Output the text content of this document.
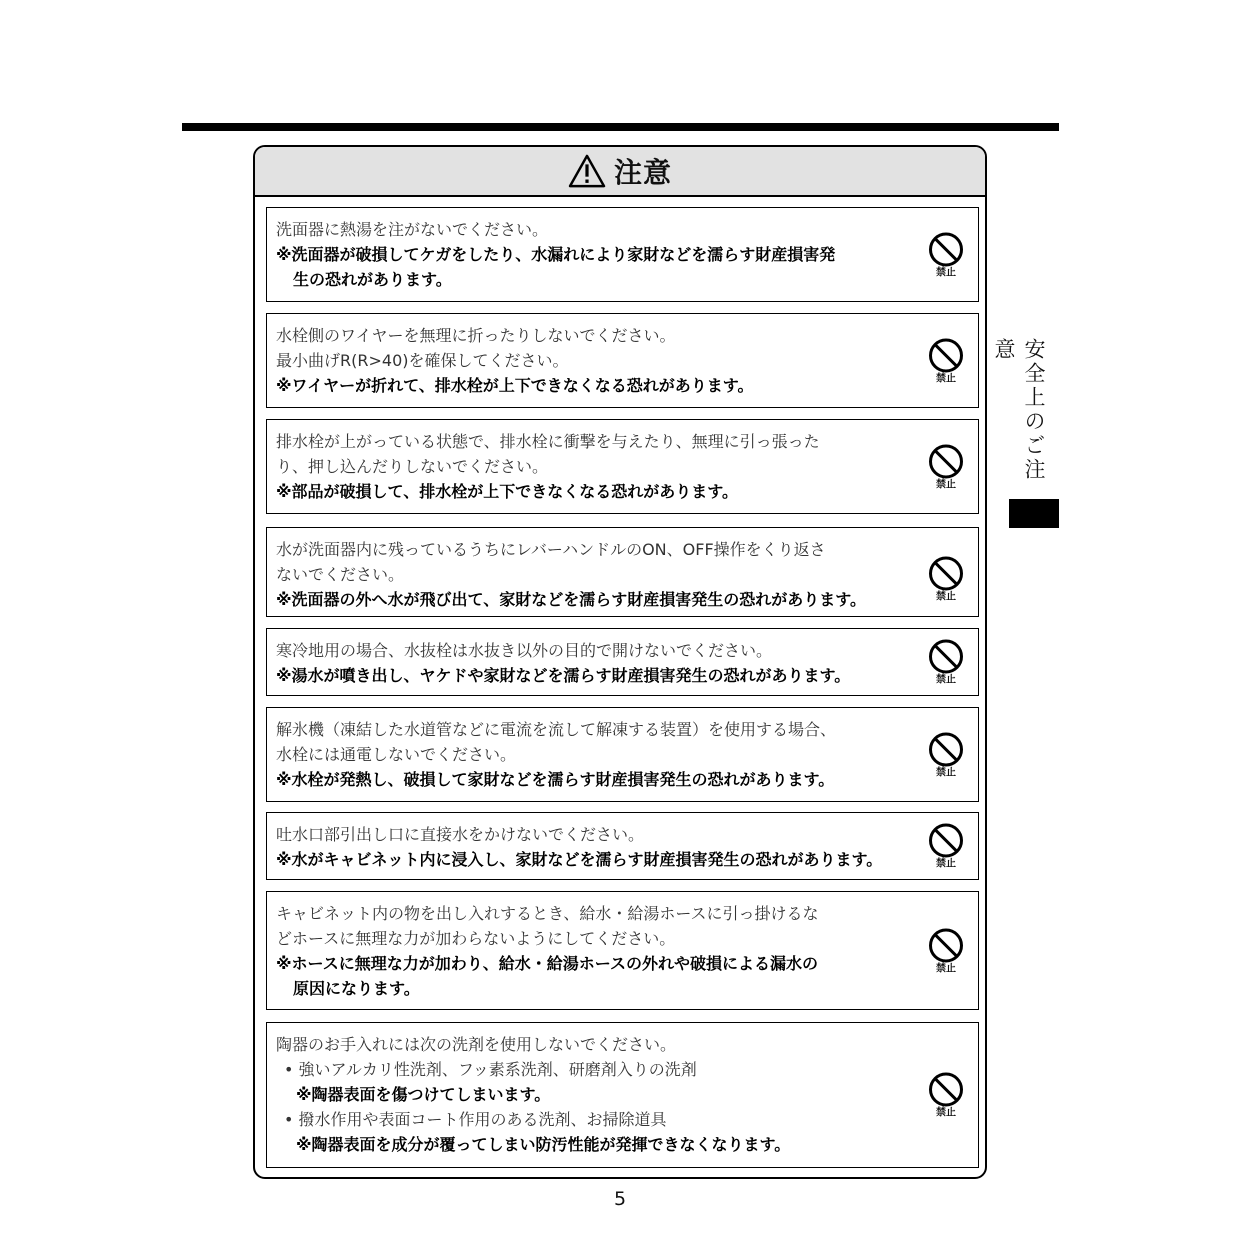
注意
洗面器に熱湯を注がないでください。
※洗面器が破損してケガをしたり、水漏れにより家財などを濡らす財産損害発
生の恐れがあります。	禁止
水栓側のワイヤーを無理に折ったりしないでください。
最小曲げR(R>40)を確保してください。
※ワイヤーが折れて、排水栓が上下できなくなる恐れがあります。	禁止
排水栓が上がっている状態で、排水栓に衝撃を与えたり、無理に引っ張った
り、押し込んだりしないでください。
※部品が破損して、排水栓が上下できなくなる恐れがあります。	禁止
水が洗面器内に残っているうちにレバーハンドルのON、OFF操作をくり返さ
ないでください。
※洗面器の外へ水が飛び出て、家財などを濡らす財産損害発生の恐れがあります。	禁止
寒冷地用の場合、水抜栓は水抜き以外の目的で開けないでください。
※湯水が噴き出し、ヤケドや家財などを濡らす財産損害発生の恐れがあります。	禁止
解氷機（凍結した水道管などに電流を流して解凍する装置）を使用する場合、
水栓には通電しないでください。
※水栓が発熱し、破損して家財などを濡らす財産損害発生の恐れがあります。	禁止
吐水口部引出し口に直接水をかけないでください。
※水がキャビネット内に浸入し、家財などを濡らす財産損害発生の恐れがあります。	禁止
キャビネット内の物を出し入れするとき、給水・給湯ホースに引っ掛けるな
どホースに無理な力が加わらないようにしてください。
※ホースに無理な力が加わり、給水・給湯ホースの外れや破損による漏水の
原因になります。
禁止
陶器のお手入れには次の洗剤を使用しないでください。
• 強いアルカリ性洗剤、フッ素系洗剤、研磨剤入りの洗剤
※陶器表面を傷つけてしまいます。
• 撥水作用や表面コート作用のある洗剤、お掃除道具
※陶器表面を成分が覆ってしまい防汚性能が発揮できなくなります。
禁止
安全上のご注意
5
